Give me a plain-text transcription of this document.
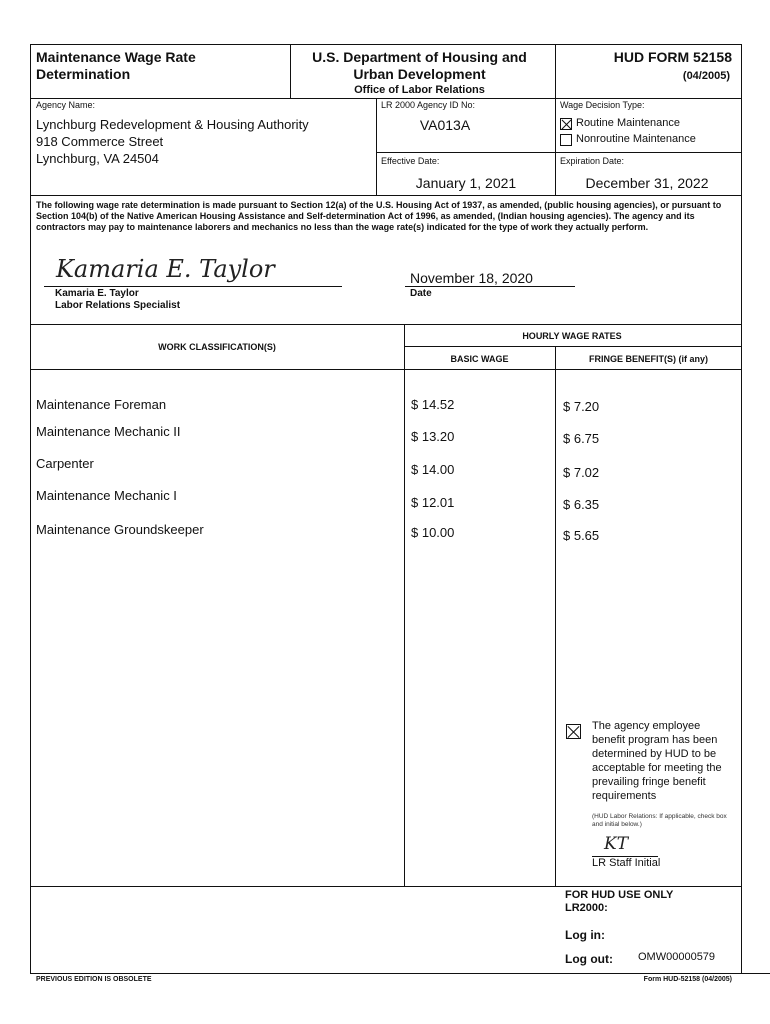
Maintenance Wage Rate
Determination
U.S. Department of Housing and
Urban Development
Office of Labor Relations
HUD FORM 52158
(04/2005)
Agency Name:
Lynchburg Redevelopment & Housing Authority
918 Commerce Street
Lynchburg, VA 24504
LR 2000 Agency ID No:
VA013A
Wage Decision Type:
Routine Maintenance
Nonroutine Maintenance
Effective Date:
January 1, 2021
Expiration Date:
December 31, 2022
The following wage rate determination is made pursuant to Section 12(a) of the U.S. Housing Act of 1937, as amended, (public housing agencies), or pursuant to Section 104(b) of the Native American Housing Assistance and Self-determination Act of 1996, as amended, (Indian housing agencies). The agency and its contractors may pay to maintenance laborers and mechanics no less than the wage rate(s) indicated for the type of work they actually perform.
Kamaria E. Taylor
Kamaria E. Taylor
Labor Relations Specialist
November 18, 2020
Date
WORK CLASSIFICATION(S)
HOURLY WAGE RATES
BASIC WAGE	FRINGE BENEFIT(S) (if any)
Maintenance Foreman	$ 14.52	$ 7.20
Maintenance Mechanic II	$ 13.20	$ 6.75
Carpenter	$ 14.00	$ 7.02
Maintenance Mechanic I	$ 12.01	$ 6.35
Maintenance Groundskeeper	$ 10.00	$ 5.65
The agency employee benefit program has been determined by HUD to be acceptable for meeting the prevailing fringe benefit requirements
(HUD Labor Relations: If applicable, check box and initial below.)
KT
LR Staff Initial
FOR HUD USE ONLY
LR2000:
Log in:
Log out: OMW00000579
PREVIOUS EDITION IS OBSOLETE	Form HUD-52158 (04/2005)
